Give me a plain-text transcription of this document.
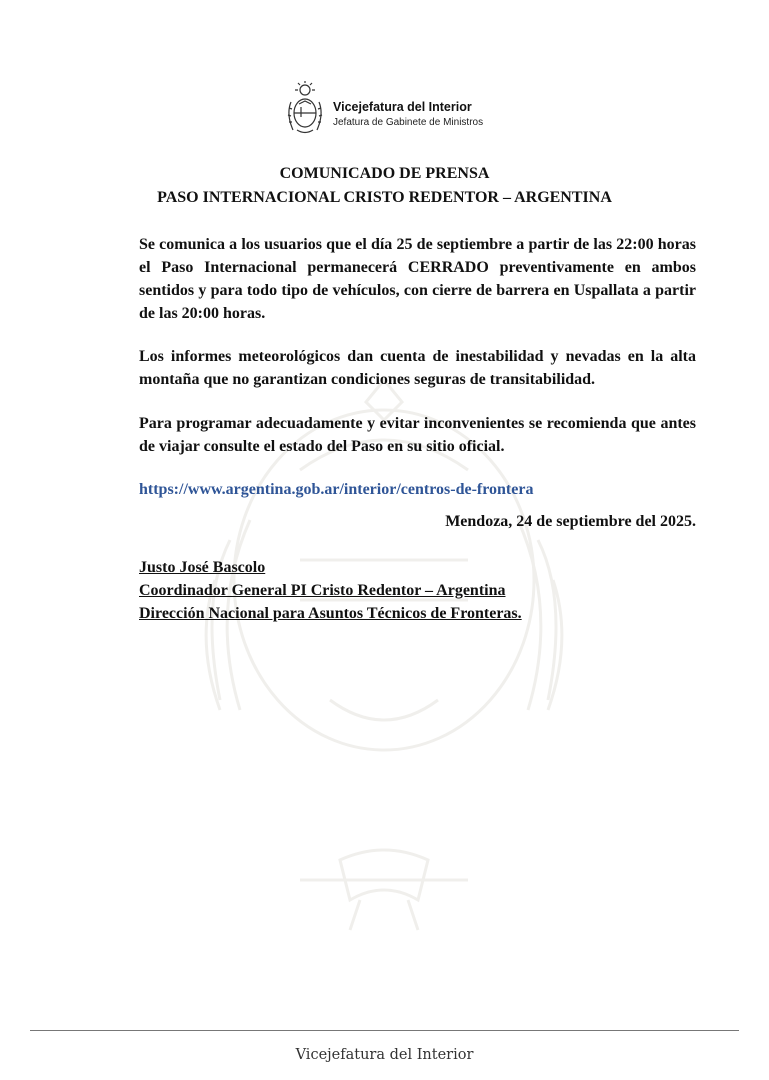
Vicejefatura del Interior
Jefatura de Gabinete de Ministros
COMUNICADO DE PRENSA
PASO INTERNACIONAL CRISTO REDENTOR – ARGENTINA
Se comunica a los usuarios que el día 25 de septiembre a partir de las 22:00 horas el Paso Internacional permanecerá CERRADO preventivamente en ambos sentidos y para todo tipo de vehículos, con cierre de barrera en Uspallata a partir de las 20:00 horas.
Los informes meteorológicos dan cuenta de inestabilidad y nevadas en la alta montaña que no garantizan condiciones seguras de transitabilidad.
Para programar adecuadamente y evitar inconvenientes se recomienda que antes de viajar consulte el estado del Paso en su sitio oficial.
https://www.argentina.gob.ar/interior/centros-de-frontera
Mendoza, 24 de septiembre del 2025.
Justo José Bascolo
Coordinador General PI Cristo Redentor – Argentina
Dirección Nacional para Asuntos Técnicos de Fronteras.
Vicejefatura del Interior
